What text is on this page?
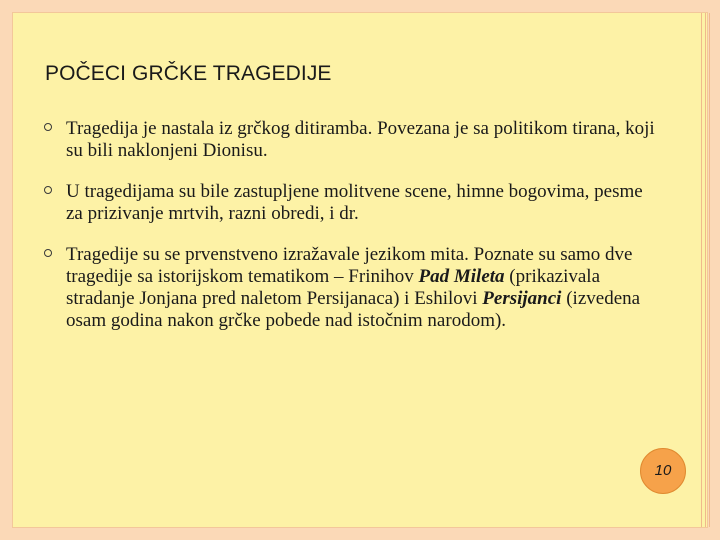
POČECI GRČKE TRAGEDIJE
Tragedija je nastala iz grčkog ditiramba. Povezana je sa politikom tirana, koji su bili naklonjeni Dionisu.
U tragedijama su bile zastupljene molitvene scene, himne bogovima, pesme za prizivanje mrtvih, razni obredi, i dr.
Tragedije su se prvenstveno izražavale jezikom mita. Poznate su samo dve tragedije sa istorijskom tematikom – Frinihov Pad Mileta (prikazivala stradanje Jonjana pred naletom Persijanaca) i Eshilovi Persijanci (izvedena osam godina nakon grčke pobede nad istočnim narodom).
10
